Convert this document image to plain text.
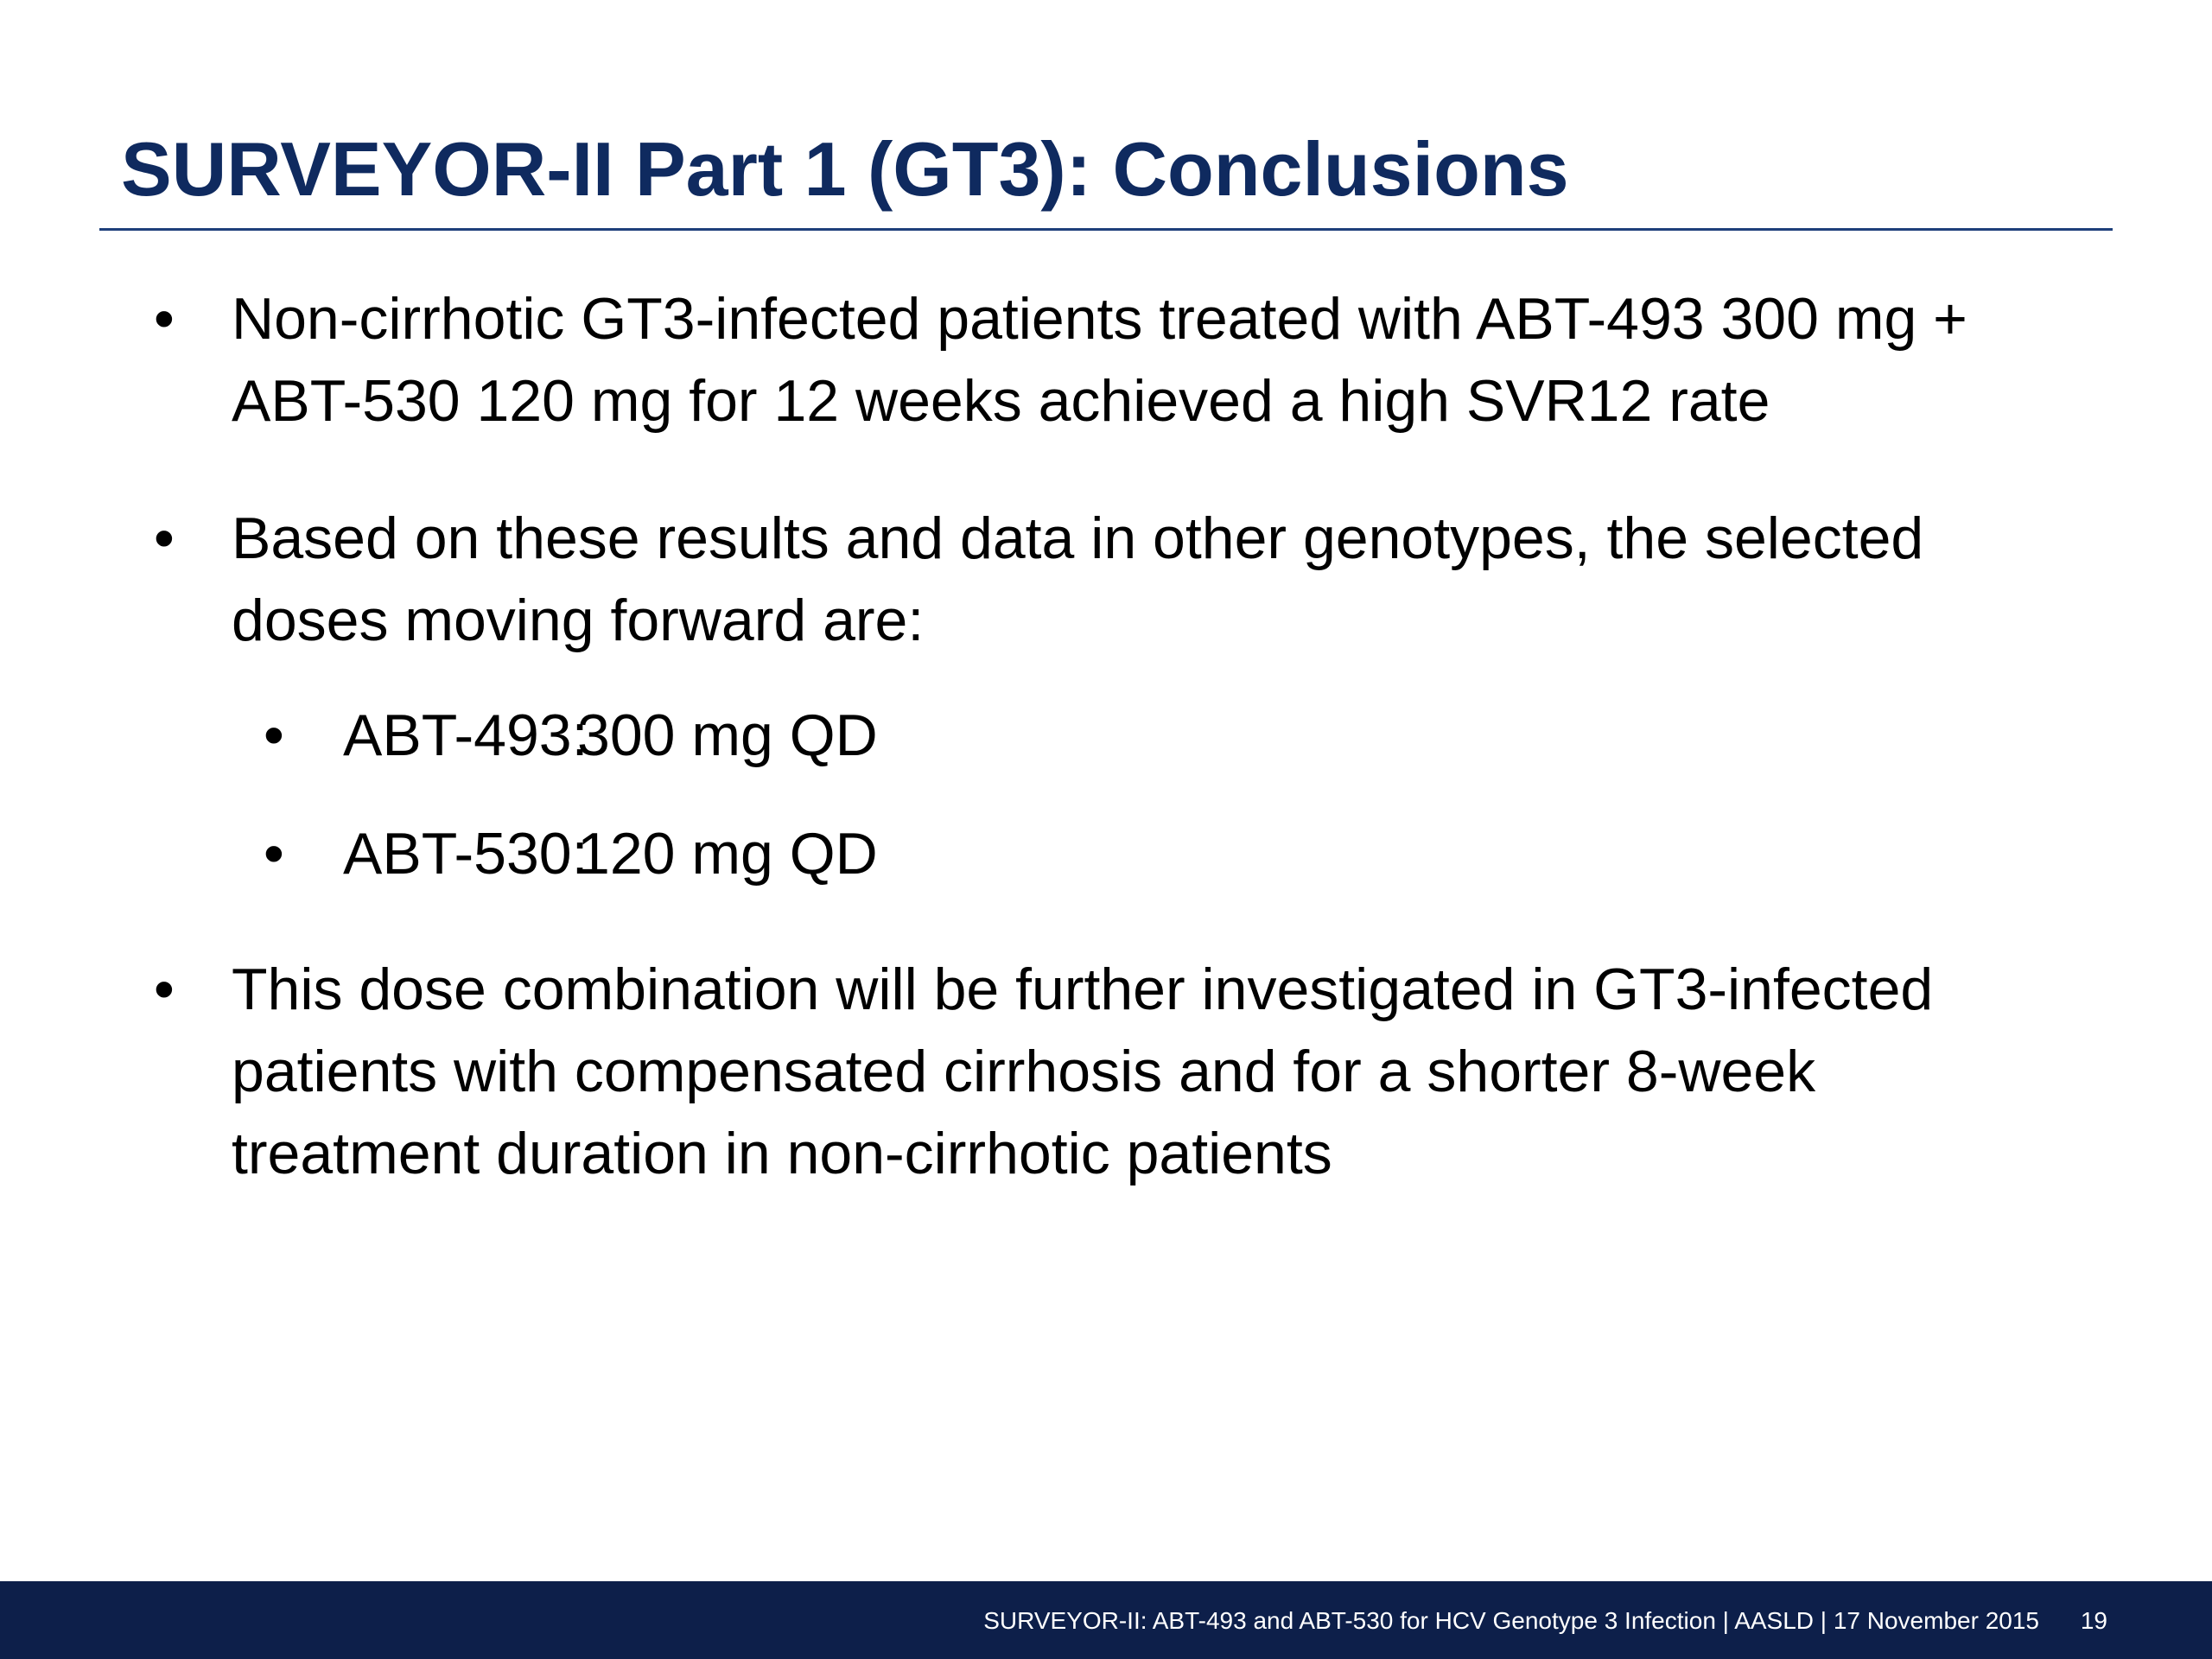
SURVEYOR-II Part 1 (GT3): Conclusions
• Non-cirrhotic GT3-infected patients treated with ABT-493 300 mg +
ABT-530 120 mg for 12 weeks achieved a high SVR12 rate
• Based on these results and data in other genotypes, the selected
doses moving forward are:
• ABT-493:
300 mg QD
• ABT-530:
120 mg QD
• This dose combination will be further investigated in GT3-infected
patients with compensated cirrhosis and for a shorter 8-week
treatment duration in non-cirrhotic patients
SURVEYOR-II: ABT-493 and ABT-530 for HCV Genotype 3 Infection | AASLD | 17 November 2015 19
